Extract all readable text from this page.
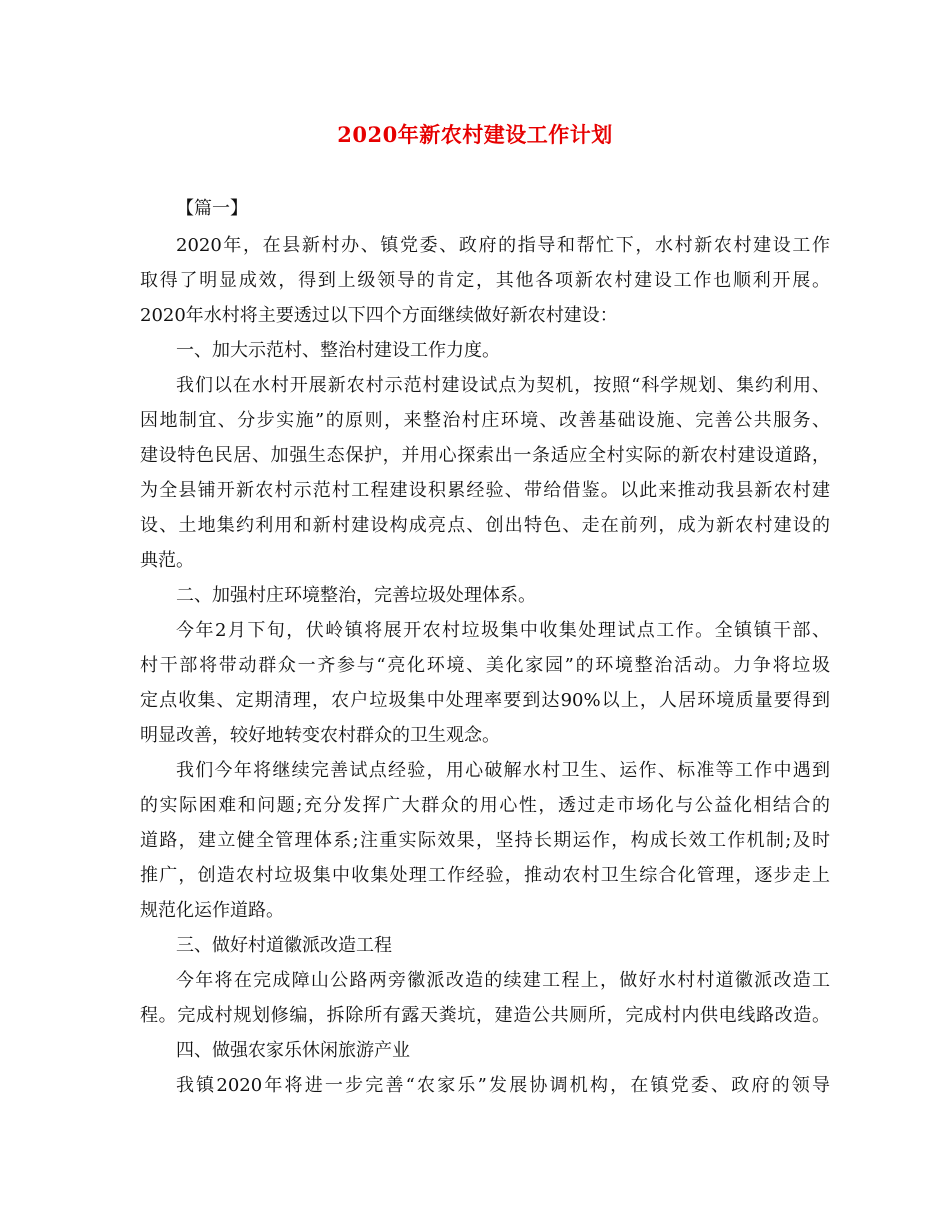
2020年新农村建设工作计划
【篇一】
2020年，在县新村办、镇党委、政府的指导和帮忙下，水村新农村建设工作
取得了明显成效，得到上级领导的肯定，其他各项新农村建设工作也顺利开展。
2020年水村将主要透过以下四个方面继续做好新农村建设：
一、加大示范村、整治村建设工作力度。
我们以在水村开展新农村示范村建设试点为契机，按照“科学规划、集约利用、
因地制宜、分步实施”的原则，来整治村庄环境、改善基础设施、完善公共服务、
建设特色民居、加强生态保护，并用心探索出一条适应全村实际的新农村建设道路，
为全县铺开新农村示范村工程建设积累经验、带给借鉴。以此来推动我县新农村建
设、土地集约利用和新村建设构成亮点、创出特色、走在前列，成为新农村建设的
典范。
二、加强村庄环境整治，完善垃圾处理体系。
今年2月下旬，伏岭镇将展开农村垃圾集中收集处理试点工作。全镇镇干部、
村干部将带动群众一齐参与“亮化环境、美化家园”的环境整治活动。力争将垃圾
定点收集、定期清理，农户垃圾集中处理率要到达90%以上，人居环境质量要得到
明显改善，较好地转变农村群众的卫生观念。
我们今年将继续完善试点经验，用心破解水村卫生、运作、标准等工作中遇到
的实际困难和问题;充分发挥广大群众的用心性，透过走市场化与公益化相结合的
道路，建立健全管理体系;注重实际效果，坚持长期运作，构成长效工作机制;及时
推广，创造农村垃圾集中收集处理工作经验，推动农村卫生综合化管理，逐步走上
规范化运作道路。
三、做好村道徽派改造工程
今年将在完成障山公路两旁徽派改造的续建工程上，做好水村村道徽派改造工
程。完成村规划修编，拆除所有露天粪坑，建造公共厕所，完成村内供电线路改造。
四、做强农家乐休闲旅游产业
我镇2020年将进一步完善“农家乐”发展协调机构，在镇党委、政府的领导
